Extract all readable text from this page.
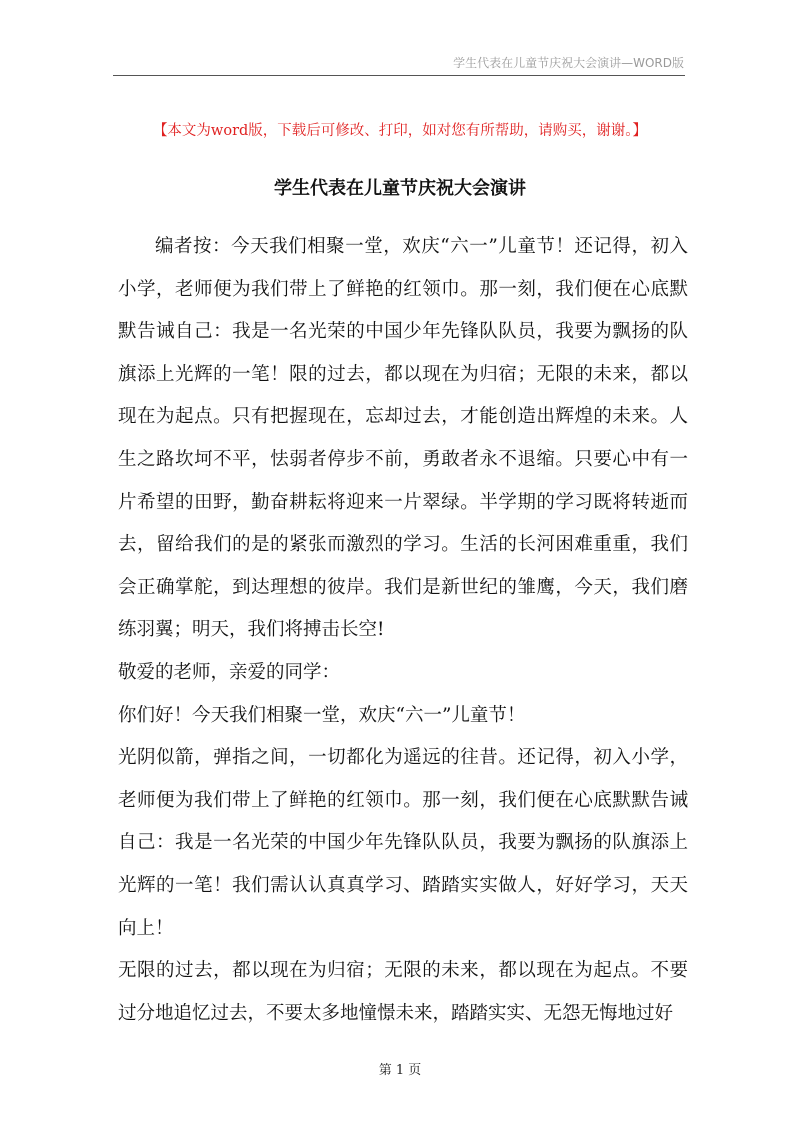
学生代表在儿童节庆祝大会演讲—WORD版
【本文为word版，下载后可修改、打印，如对您有所帮助，请购买，谢谢。】
学生代表在儿童节庆祝大会演讲

编者按：今天我们相聚一堂，欢庆“六一”儿童节！还记得，初入小学，老师便为我们带上了鲜艳的红领巾。那一刻，我们便在心底默默告诫自己：我是一名光荣的中国少年先锋队队员，我要为飘扬的队旗添上光辉的一笔！限的过去，都以现在为归宿；无限的未来，都以现在为起点。只有把握现在，忘却过去，才能创造出辉煌的未来。人生之路坎坷不平，怯弱者停步不前，勇敢者永不退缩。只要心中有一片希望的田野，勤奋耕耘将迎来一片翠绿。半学期的学习既将转逝而去，留给我们的是的紧张而激烈的学习。生活的长河困难重重，我们会正确掌舵，到达理想的彼岸。我们是新世纪的雏鹰，今天，我们磨练羽翼；明天，我们将搏击长空!

敬爱的老师，亲爱的同学：

你们好！今天我们相聚一堂，欢庆“六一”儿童节！

光阴似箭，弹指之间，一切都化为遥远的往昔。还记得，初入小学，老师便为我们带上了鲜艳的红领巾。那一刻，我们便在心底默默告诫自己：我是一名光荣的中国少年先锋队队员，我要为飘扬的队旗添上光辉的一笔！我们需认认真真学习、踏踏实实做人，好好学习，天天向上！

无限的过去，都以现在为归宿；无限的未来，都以现在为起点。不要过分地追忆过去，不要太多地憧憬未来，踏踏实实、无怨无悔地过好

第 1 页
